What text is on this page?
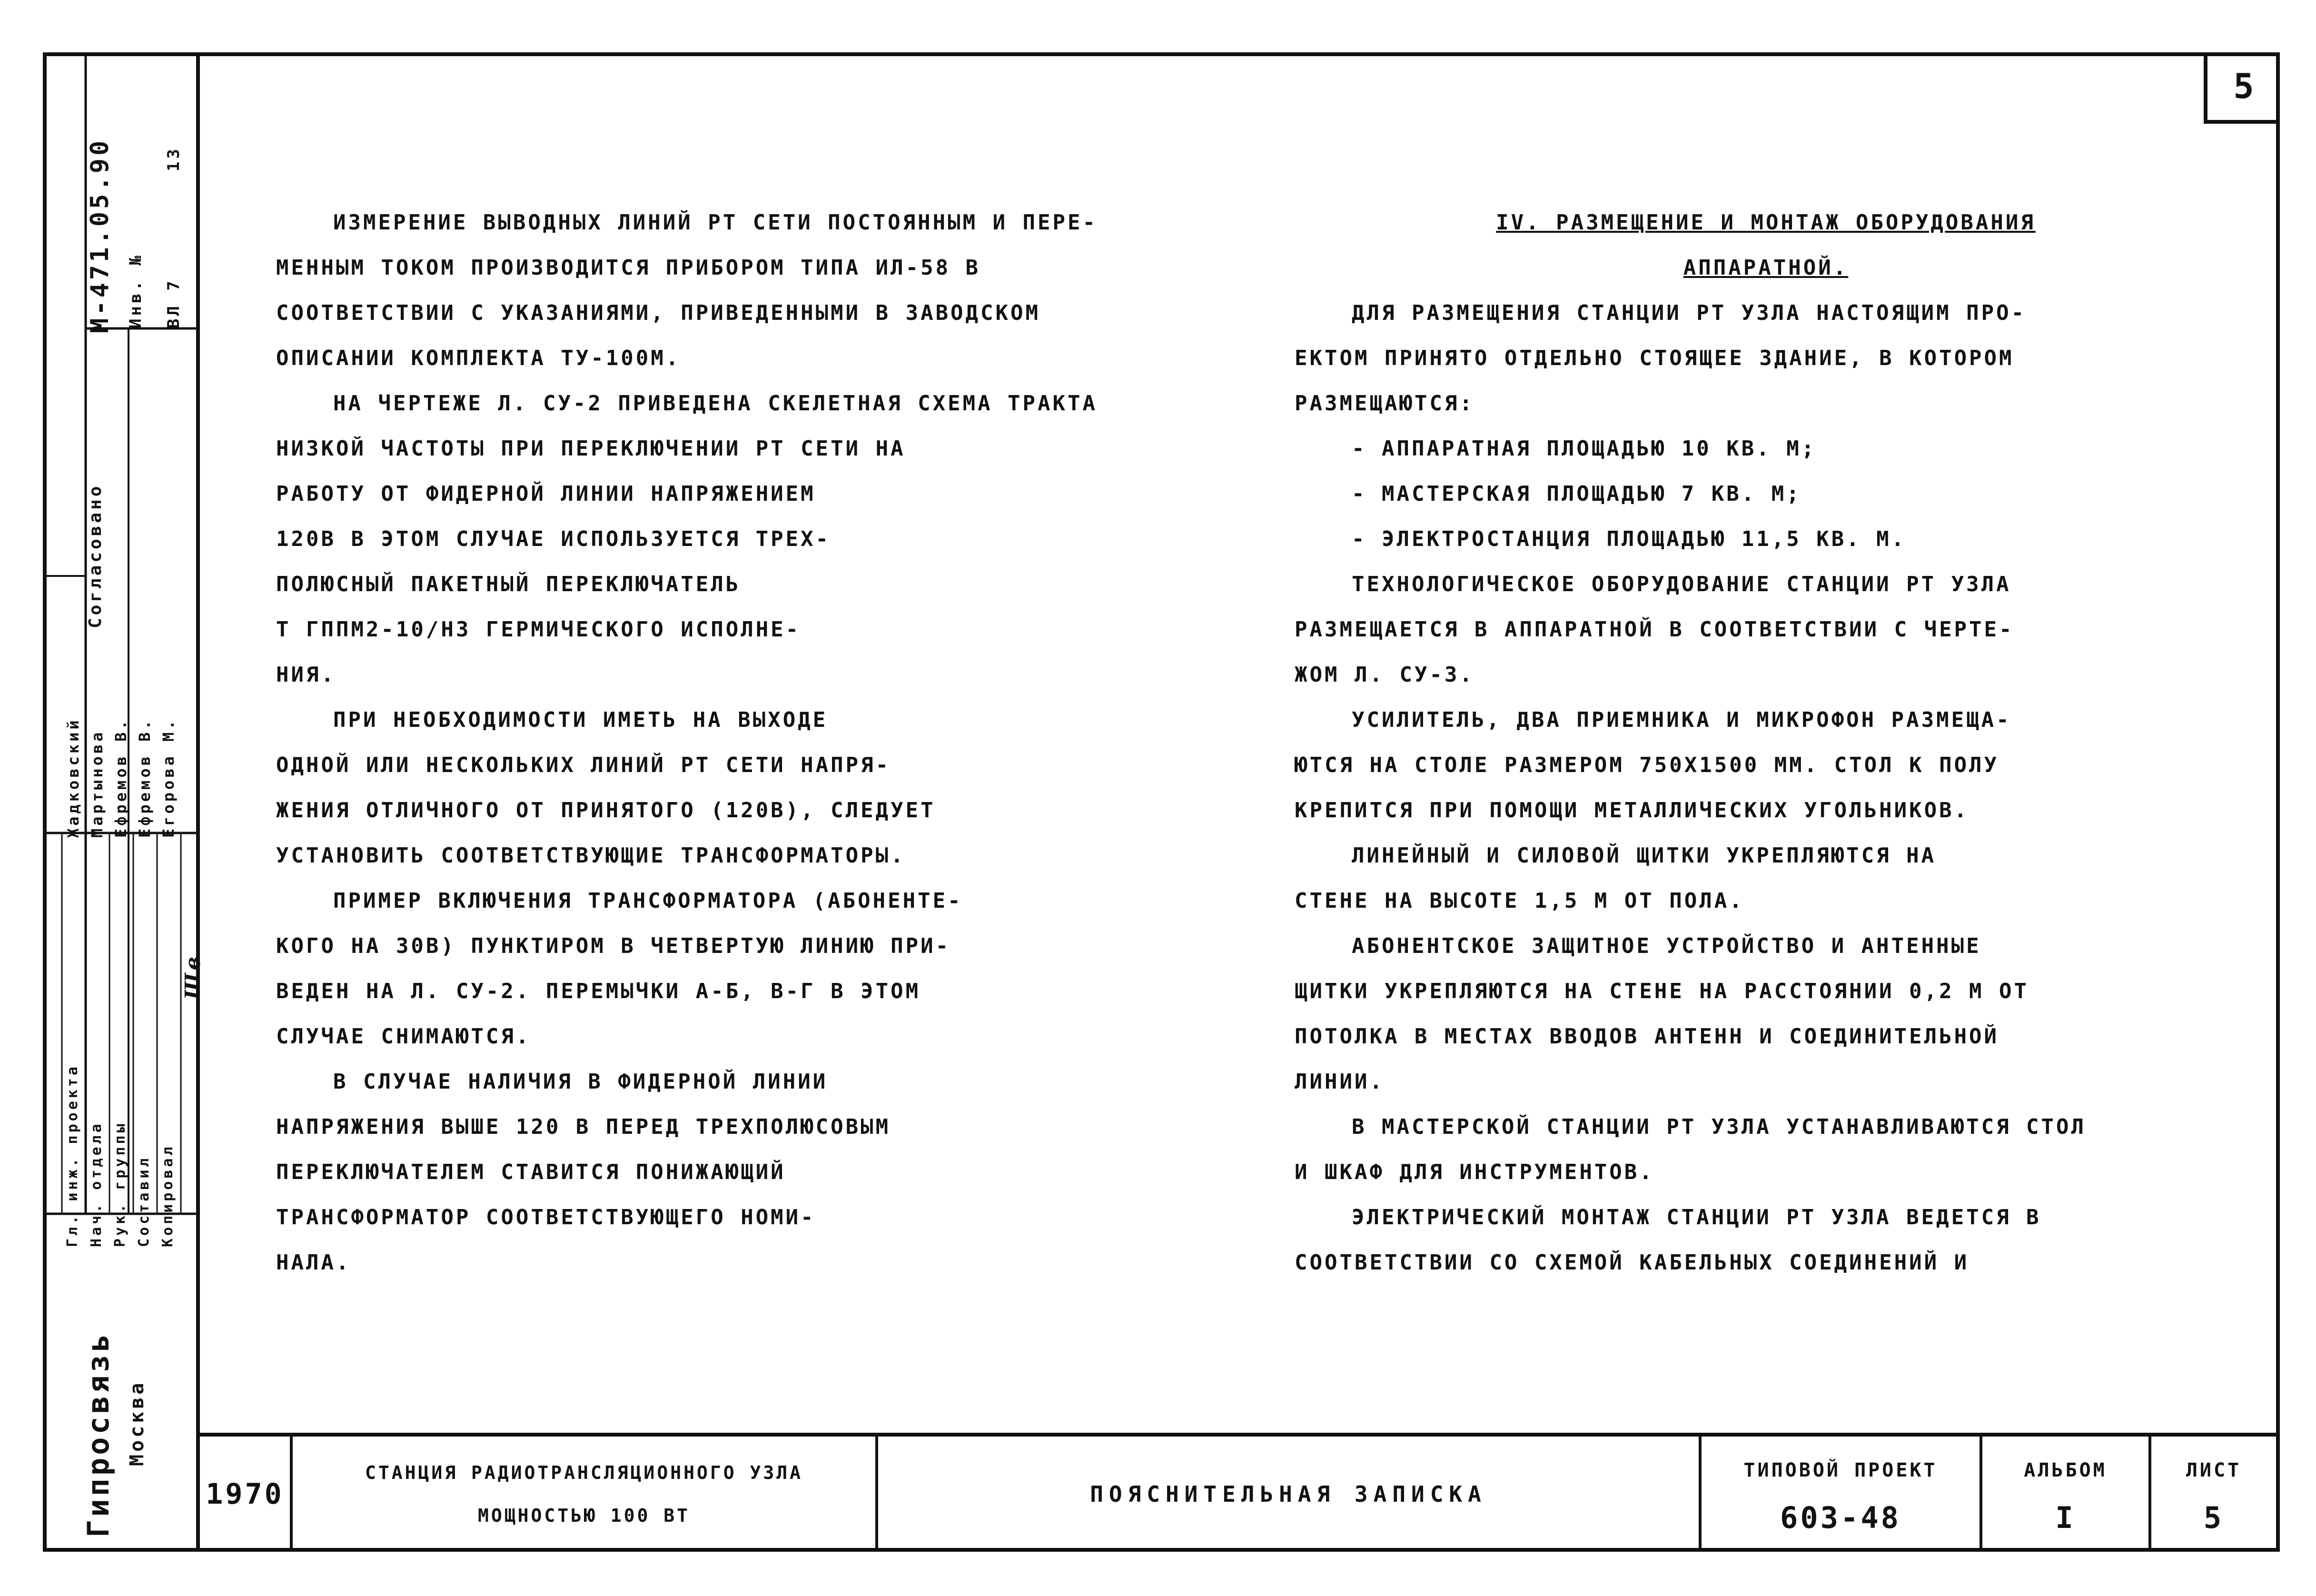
5
М-471.05.90 Инв. № ВЛ 7
13
Согласовано
Гипросвязь Москва
Гл. инж. проекта Нач. отдела Рук. группы Составил Копировал
Жадковский Мартынова Ефремов В. Ефремов В. Егорова М.
Шв

ИЗМЕРЕНИЕ ВЫВОДНЫХ ЛИНИЙ РТ СЕТИ ПОСТОЯННЫМ И ПЕРЕ-

МЕННЫМ ТОКОМ ПРОИЗВОДИТСЯ ПРИБОРОМ ТИПА ИЛ-58 В

СООТВЕТСТВИИ С УКАЗАНИЯМИ, ПРИВЕДЕННЫМИ В ЗАВОДСКОМ

ОПИСАНИИ КОМПЛЕКТА ТУ-100М.

НА ЧЕРТЕЖЕ Л. СУ-2 ПРИВЕДЕНА СКЕЛЕТНАЯ СХЕМА ТРАКТА

НИЗКОЙ ЧАСТОТЫ ПРИ ПЕРЕКЛЮЧЕНИИ РТ СЕТИ НА

РАБОТУ ОТ ФИДЕРНОЙ ЛИНИИ НАПРЯЖЕНИЕМ

120В В ЭТОМ СЛУЧАЕ ИСПОЛЬЗУЕТСЯ ТРЕХ-

ПОЛЮСНЫЙ ПАКЕТНЫЙ ПЕРЕКЛЮЧАТЕЛЬ

Т ГППМ2-10/Н3 ГЕРМИЧЕСКОГО ИСПОЛНЕ-

НИЯ.

ПРИ НЕОБХОДИМОСТИ ИМЕТЬ НА ВЫХОДЕ

ОДНОЙ ИЛИ НЕСКОЛЬКИХ ЛИНИЙ РТ СЕТИ НАПРЯ-

ЖЕНИЯ ОТЛИЧНОГО ОТ ПРИНЯТОГО (120В), СЛЕДУЕТ

УСТАНОВИТЬ СООТВЕТСТВУЮЩИЕ ТРАНСФОРМАТОРЫ.

ПРИМЕР ВКЛЮЧЕНИЯ ТРАНСФОРМАТОРА (АБОНЕНТЕ-

КОГО НА 30В) ПУНКТИРОМ В ЧЕТВЕРТУЮ ЛИНИЮ ПРИ-

ВЕДЕН НА Л. СУ-2. ПЕРЕМЫЧКИ А-Б, В-Г В ЭТОМ

СЛУЧАЕ СНИМАЮТСЯ.

В СЛУЧАЕ НАЛИЧИЯ В ФИДЕРНОЙ ЛИНИИ

НАПРЯЖЕНИЯ ВЫШЕ 120 В ПЕРЕД ТРЕХПОЛЮСОВЫМ

ПЕРЕКЛЮЧАТЕЛЕМ СТАВИТСЯ ПОНИЖАЮЩИЙ

ТРАНСФОРМАТОР СООТВЕТСТВУЮЩЕГО НОМИ-

НАЛА.

IV. РАЗМЕЩЕНИЕ И МОНТАЖ ОБОРУДОВАНИЯ

АППАРАТНОЙ.

ДЛЯ РАЗМЕЩЕНИЯ СТАНЦИИ РТ УЗЛА НАСТОЯЩИМ ПРО-

ЕКТОМ ПРИНЯТО ОТДЕЛЬНО СТОЯЩЕЕ ЗДАНИЕ, В КОТОРОМ

РАЗМЕЩАЮТСЯ:

- АППАРАТНАЯ ПЛОЩАДЬЮ 10 КВ. М;

- МАСТЕРСКАЯ ПЛОЩАДЬЮ 7 КВ. М;

- ЭЛЕКТРОСТАНЦИЯ ПЛОЩАДЬЮ 11,5 КВ. М.

ТЕХНОЛОГИЧЕСКОЕ ОБОРУДОВАНИЕ СТАНЦИИ РТ УЗЛА

РАЗМЕЩАЕТСЯ В АППАРАТНОЙ В СООТВЕТСТВИИ С ЧЕРТЕ-

ЖОМ Л. СУ-3.

УСИЛИТЕЛЬ, ДВА ПРИЕМНИКА И МИКРОФОН РАЗМЕЩА-

ЮТСЯ НА СТОЛЕ РАЗМЕРОМ 750Х1500 ММ. СТОЛ К ПОЛУ

КРЕПИТСЯ ПРИ ПОМОЩИ МЕТАЛЛИЧЕСКИХ УГОЛЬНИКОВ.

ЛИНЕЙНЫЙ И СИЛОВОЙ ЩИТКИ УКРЕПЛЯЮТСЯ НА

СТЕНЕ НА ВЫСОТЕ 1,5 М ОТ ПОЛА.

АБОНЕНТСКОЕ ЗАЩИТНОЕ УСТРОЙСТВО И АНТЕННЫЕ

ЩИТКИ УКРЕПЛЯЮТСЯ НА СТЕНЕ НА РАССТОЯНИИ 0,2 М ОТ

ПОТОЛКА В МЕСТАХ ВВОДОВ АНТЕНН И СОЕДИНИТЕЛЬНОЙ

ЛИНИИ.

В МАСТЕРСКОЙ СТАНЦИИ РТ УЗЛА УСТАНАВЛИВАЮТСЯ СТОЛ

И ШКАФ ДЛЯ ИНСТРУМЕНТОВ.

ЭЛЕКТРИЧЕСКИЙ МОНТАЖ СТАНЦИИ РТ УЗЛА ВЕДЕТСЯ В

СООТВЕТСТВИИ СО СХЕМОЙ КАБЕЛЬНЫХ СОЕДИНЕНИЙ И

1970
СТАНЦИЯ РАДИОТРАНСЛЯЦИОННОГО УЗЛА
МОЩНОСТЬЮ 100 ВТ
ПОЯСНИТЕЛЬНАЯ ЗАПИСКА
ТИПОВОЙ ПРОЕКТ
603-48
АЛЬБОМ
I
ЛИСТ
5
